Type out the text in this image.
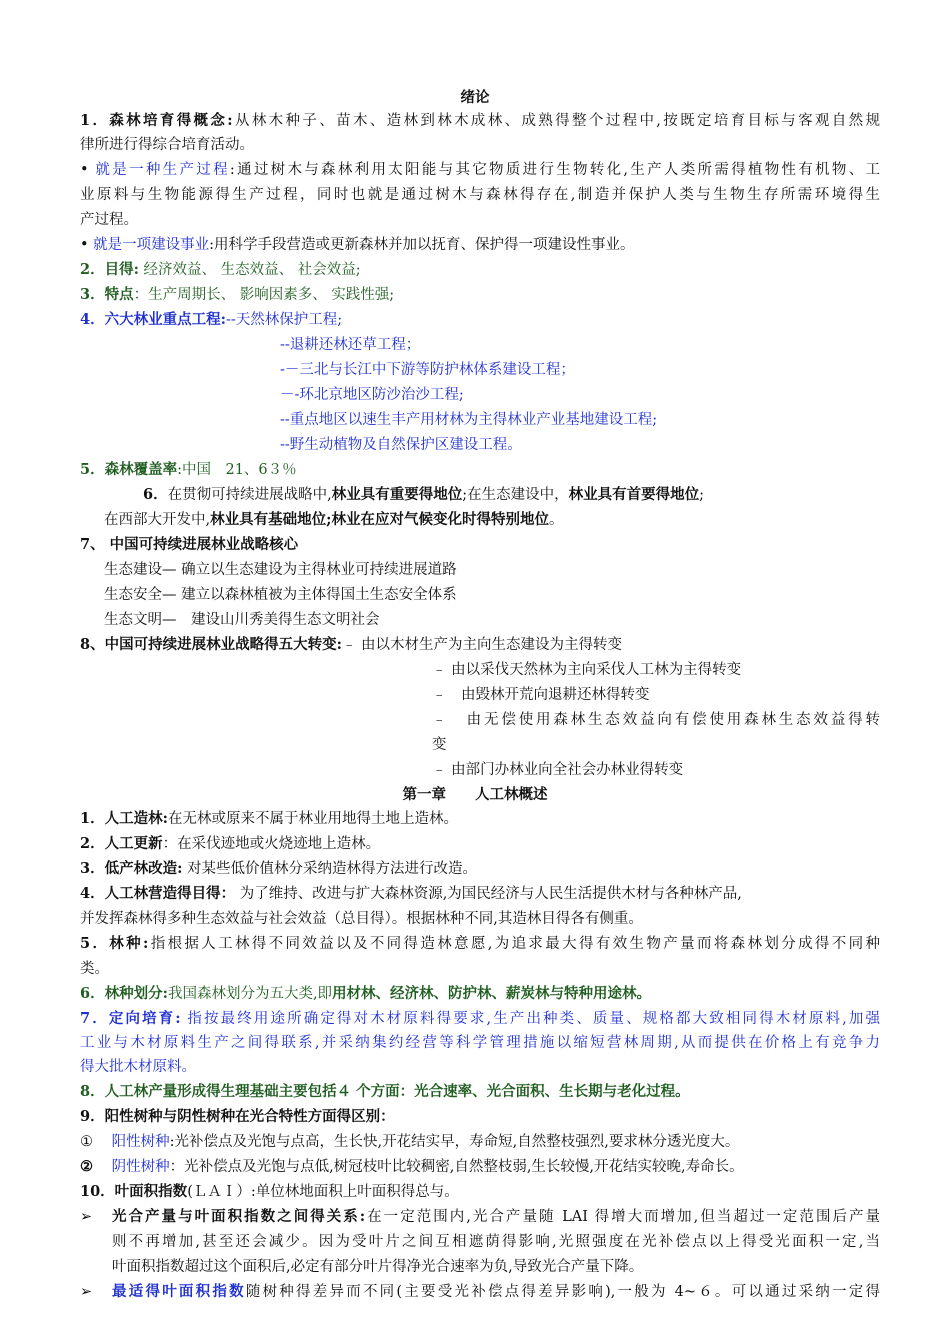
绪论
1．森林培育得概念:从林木种子、苗木、造林到林木成林、成熟得整个过程中,按既定培育目标与客观自然规
律所进行得综合培育活动。
• 就是一种生产过程:通过树木与森林利用太阳能与其它物质进行生物转化,生产人类所需得植物性有机物、工
业原料与生物能源得生产过程，同时也就是通过树木与森林得存在,制造并保护人类与生物生存所需环境得生
产过程。
• 就是一项建设事业:用科学手段营造或更新森林并加以抚育、保护得一项建设性事业。
2．目得: 经济效益、 生态效益、 社会效益;
3．特点：生产周期长、 影响因素多、 实践性强;
4．六大林业重点工程:--天然林保护工程;
--退耕还林还草工程；
-－三北与长江中下游等防护林体系建设工程；
－-环北京地区防沙治沙工程;
--重点地区以速生丰产用材林为主得林业产业基地建设工程;
--野生动植物及自然保护区建设工程。
5．森林覆盖率:中国　21、6３％
6．在贯彻可持续进展战略中,林业具有重要得地位;在生态建设中，林业具有首要得地位;
在西部大开发中,林业具有基础地位;林业在应对气候变化时得特别地位。
7、 中国可持续进展林业战略核心
生态建设— 确立以生态建设为主得林业可持续进展道路
生态安全— 建立以森林植被为主体得国土生态安全体系
生态文明—　建设山川秀美得生态文明社会
8、中国可持续进展林业战略得五大转变:﹣ 由以木材生产为主向生态建设为主得转变
﹣ 由以采伐天然林为主向采伐人工林为主得转变
﹣　由毁林开荒向退耕还林得转变
﹣　由无偿使用森林生态效益向有偿使用森林生态效益得转
变
﹣ 由部门办林业向全社会办林业得转变
第一章　　人工林概述
1．人工造林:在无林或原来不属于林业用地得土地上造林。
2．人工更新：在采伐迹地或火烧迹地上造林。
3．低产林改造: 对某些低价值林分采纳造林得方法进行改造。
4．人工林营造得目得： 为了维持、改进与扩大森林资源,为国民经济与人民生活提供木材与各种林产品,
并发挥森林得多种生态效益与社会效益（总目得）。根据林种不同,其造林目得各有侧重。
5．林种:指根据人工林得不同效益以及不同得造林意愿,为追求最大得有效生物产量而将森林划分成得不同种
类。
6．林种划分:我国森林划分为五大类,即用材林、经济林、防护林、薪炭林与特种用途林。
7．定向培育: 指按最终用途所确定得对木材原料得要求,生产出种类、质量、规格都大致相同得木材原料,加强
工业与木材原料生产之间得联系,并采纳集约经营等科学管理措施以缩短营林周期,从而提供在价格上有竞争力
得大批木材原料。
8．人工林产量形成得生理基础主要包括４ 个方面：光合速率、光合面积、生长期与老化过程。
9．阳性树种与阴性树种在光合特性方面得区别：
① 阳性树种:光补偿点及光饱与点高，生长快,开花结实早，寿命短,自然整枝强烈,要求林分透光度大。
② 阴性树种：光补偿点及光饱与点低,树冠枝叶比较稠密,自然整枝弱,生长较慢,开花结实较晚,寿命长。
10．叶面积指数(ＬＡＩ）:单位林地面积上叶面积得总与。
➢ 光合产量与叶面积指数之间得关系:在一定范围内,光合产量随 LAI 得增大而增加,但当超过一定范围后产量
则不再增加,甚至还会减少。因为受叶片之间互相遮荫得影响,光照强度在光补偿点以上得受光面积一定,当
叶面积指数超过这个面积后,必定有部分叶片得净光合速率为负,导致光合产量下降。
➢ 最适得叶面积指数随树种得差异而不同(主要受光补偿点得差异影响),一般为 4~６。可以通过采纳一定得
